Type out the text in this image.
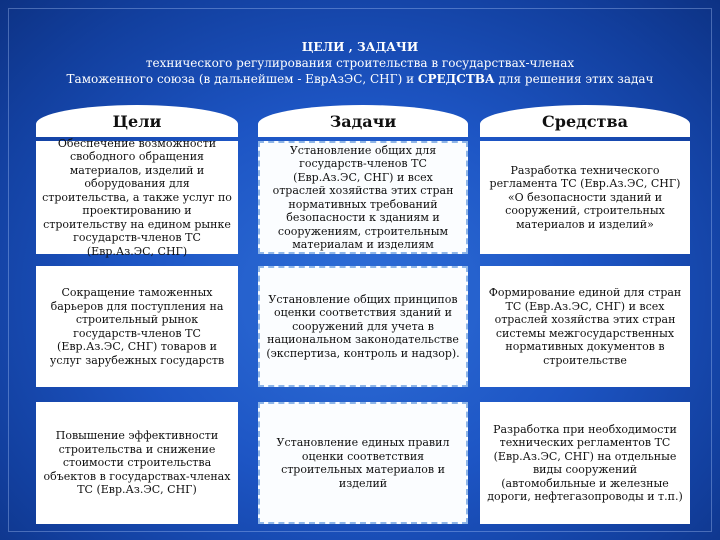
ЦЕЛИ , ЗАДАЧИ
технического регулирования строительства в государствах-членах
Таможенного союза (в дальнейшем - ЕврАзЭС, СНГ) и СРЕДСТВА для решения этих задач
Цели	Задачи	Средства
Обеспечение возможности свободного обращения материалов, изделий и оборудования для строительства, а также услуг по проектированию и строительству на едином рынке государств-членов ТС (Евр.Аз.ЭС, СНГ)
Установление общих для государств-членов ТС (Евр.Аз.ЭС, СНГ) и всех отраслей хозяйства этих стран нормативных требований безопасности к зданиям и сооружениям, строительным материалам и изделиям
Разработка технического регламента ТС (Евр.Аз.ЭС, СНГ) «О безопасности зданий и сооружений, строительных материалов и изделий»
Сокращение таможенных барьеров для поступления на строительный рынок государств-членов ТС (Евр.Аз.ЭС, СНГ) товаров и услуг зарубежных государств
Установление общих принципов оценки соответствия зданий и сооружений для учета в национальном законодательстве (экспертиза, контроль и надзор).
Формирование единой для стран ТС (Евр.Аз.ЭС, СНГ) и всех отраслей хозяйства этих стран системы межгосударственных нормативных документов в строительстве
Повышение эффективности строительства и снижение стоимости строительства объектов в государствах-членах ТС (Евр.Аз.ЭС, СНГ)
Установление единых правил оценки соответствия строительных материалов и изделий
Разработка при необходимости технических регламентов ТС (Евр.Аз.ЭС, СНГ) на отдельные виды сооружений (автомобильные и железные дороги, нефтегазопроводы и т.п.)
